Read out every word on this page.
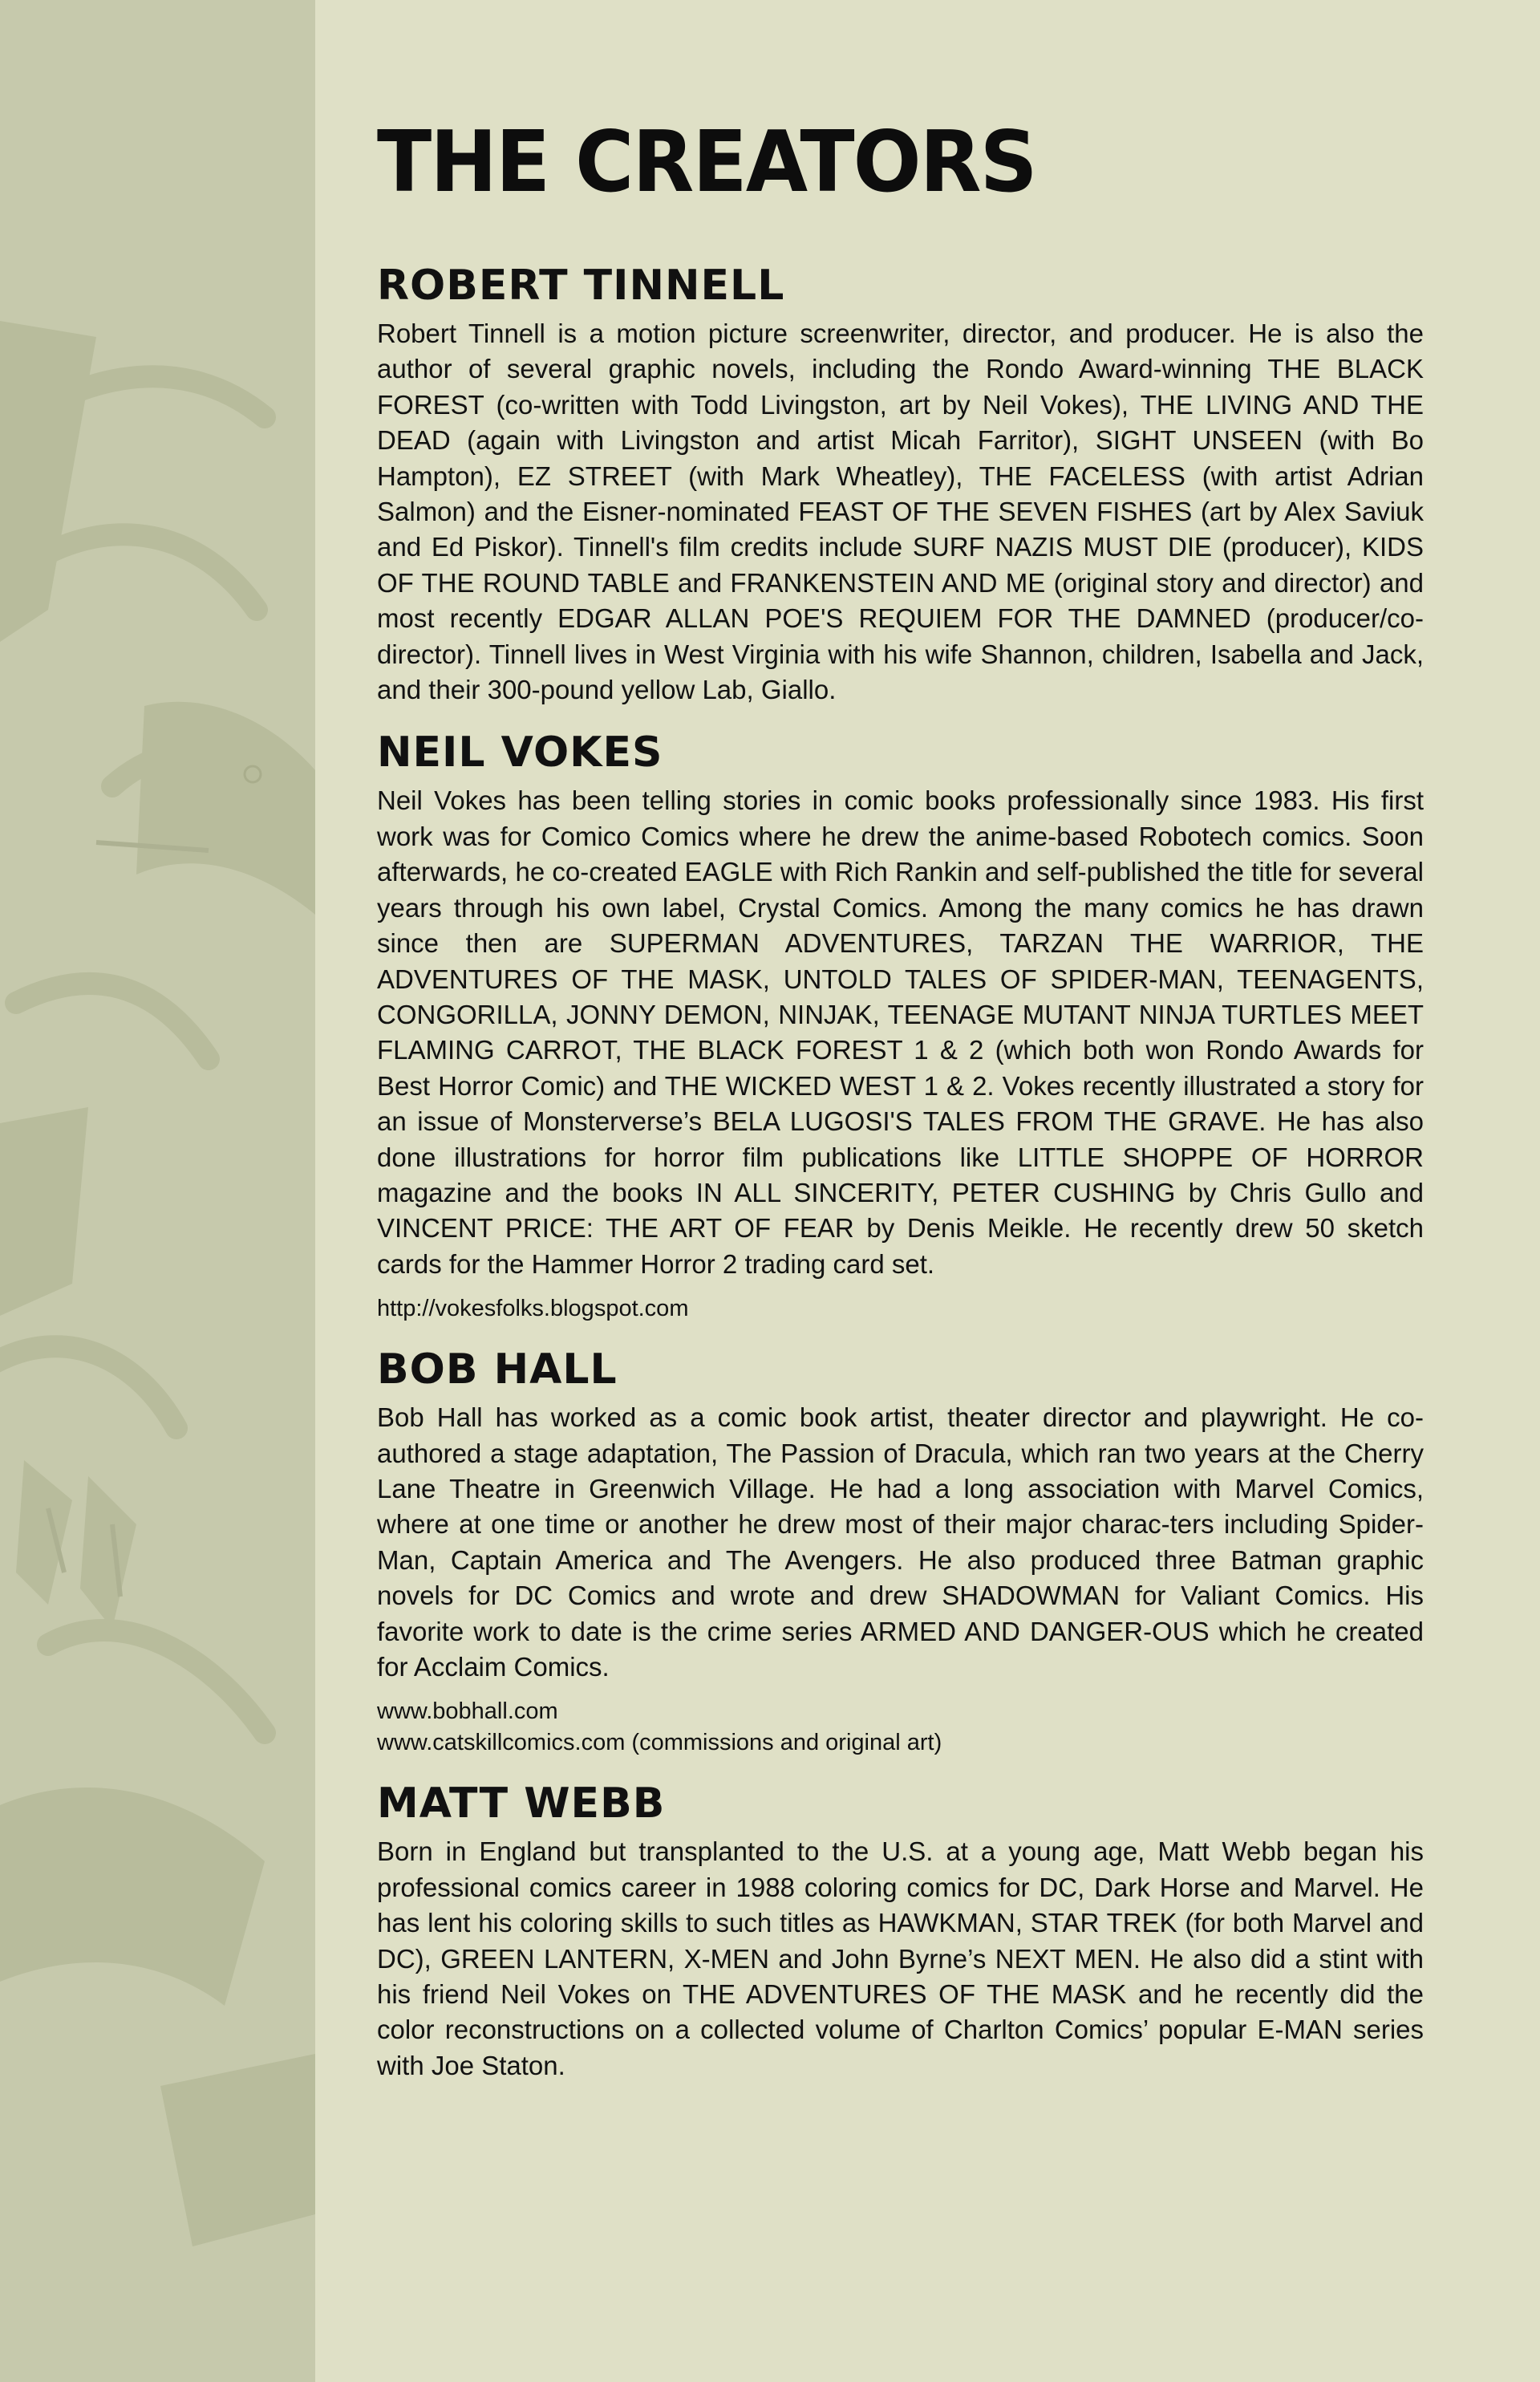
THE CREATORS
ROBERT TINNELL

Robert Tinnell is a motion picture screenwriter, director, and producer. He is also the author of several graphic novels, including the Rondo Award-winning THE BLACK FOREST (co-written with Todd Livingston, art by Neil Vokes), THE LIVING AND THE DEAD (again with Livingston and artist Micah Farritor), SIGHT UNSEEN (with Bo Hampton), EZ STREET (with Mark Wheatley), THE FACELESS (with artist Adrian Salmon) and the Eisner-nominated FEAST OF THE SEVEN FISHES (art by Alex Saviuk and Ed Piskor). Tinnell's film credits include SURF NAZIS MUST DIE (producer), KIDS OF THE ROUND TABLE and FRANKENSTEIN AND ME (original story and director) and most recently EDGAR ALLAN POE'S REQUIEM FOR THE DAMNED (producer/co-director). Tinnell lives in West Virginia with his wife Shannon, children, Isabella and Jack, and their 300-pound yellow Lab, Giallo.

NEIL VOKES

Neil Vokes has been telling stories in comic books professionally since 1983. His first work was for Comico Comics where he drew the anime-based Robotech comics. Soon afterwards, he co-created EAGLE with Rich Rankin and self-published the title for several years through his own label, Crystal Comics. Among the many comics he has drawn since then are SUPERMAN ADVENTURES, TARZAN THE WARRIOR, THE ADVENTURES OF THE MASK, UNTOLD TALES OF SPIDER-MAN, TEENAGENTS, CONGORILLA, JONNY DEMON, NINJAK, TEENAGE MUTANT NINJA TURTLES MEET FLAMING CARROT, THE BLACK FOREST 1 & 2 (which both won Rondo Awards for Best Horror Comic) and THE WICKED WEST 1 & 2. Vokes recently illustrated a story for an issue of Monsterverse’s BELA LUGOSI'S TALES FROM THE GRAVE. He has also done illustrations for horror film publications like LITTLE SHOPPE OF HORROR magazine and the books IN ALL SINCERITY, PETER CUSHING by Chris Gullo and VINCENT PRICE: THE ART OF FEAR by Denis Meikle. He recently drew 50 sketch cards for the Hammer Horror 2 trading card set.

http://vokesfolks.blogspot.com
BOB HALL

Bob Hall has worked as a comic book artist, theater director and playwright. He co-authored a stage adaptation, The Passion of Dracula, which ran two years at the Cherry Lane Theatre in Greenwich Village. He had a long association with Marvel Comics, where at one time or another he drew most of their major charac-ters including Spider-Man, Captain America and The Avengers. He also produced three Batman graphic novels for DC Comics and wrote and drew SHADOWMAN for Valiant Comics. His favorite work to date is the crime series ARMED AND DANGER-OUS which he created for Acclaim Comics.

www.bobhall.com
www.catskillcomics.com (commissions and original art)
MATT WEBB

Born in England but transplanted to the U.S. at a young age, Matt Webb began his professional comics career in 1988 coloring comics for DC, Dark Horse and Marvel. He has lent his coloring skills to such titles as HAWKMAN, STAR TREK (for both Marvel and DC), GREEN LANTERN, X-MEN and John Byrne’s NEXT MEN. He also did a stint with his friend Neil Vokes on THE ADVENTURES OF THE MASK and he recently did the color reconstructions on a collected volume of Charlton Comics’ popular E-MAN series with Joe Staton.
